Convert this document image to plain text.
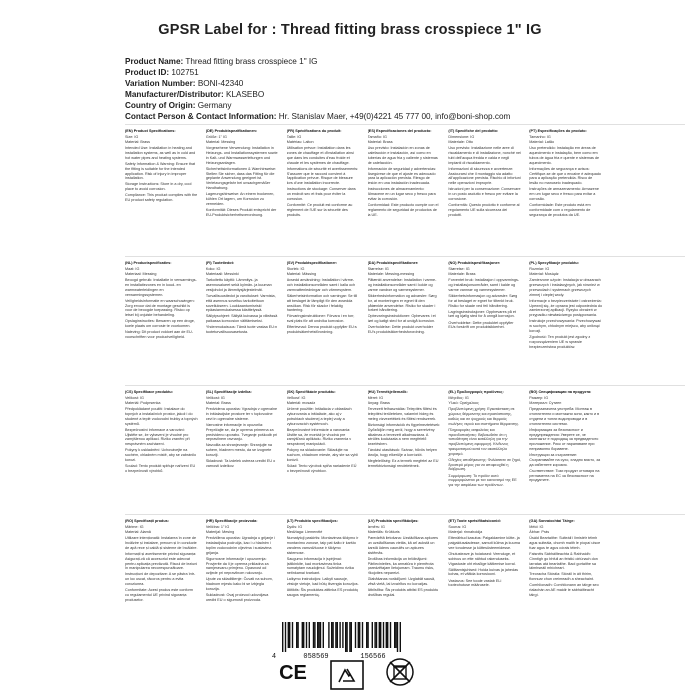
GPSR Label for : Thread fitting brass crosspiece 1" IG
Product Name: Thread fitting brass crosspiece 1" IG
Product ID: 102751
Variation Number: BONI-42340
Manufacturer/Distributor: KLASEBO
Country of Origin: Germany
Contact Person & Contact Information: Hr. Stanislav Maer, +49(0)4221 45 777 00, info@boni-shop.com
(EN) Product Specifications:
Size: IG
Material: Brass
Intended Use: Installation in heating and installation systems, as well as in cold and hot water pipes and heating systems.
Safety Information & Warning: Ensure that the fitting is suitable for the intended application. Risk of injury in improper installation.
Storage Instructions: Store in a dry, cool place to avoid corrosion.
Compliance: This product complies with the EU product safety regulation.
(DE) Produktspezifikationen:
Größe: 1" IG
Material: Messing
Vorgesehene Verwendung: Installation in Heizungs- und Installationssystemen sowie in Kalt- und Warmwasserleitungen und Heizungsanlagen.
Sicherheitsinformationen & Warnhinweise: Stellen Sie sicher, dass das Fitting für die geplante Anwendung geeignet ist. Verletzungsgefahr bei unsachgemäßer Handhabung.
Lagerungshinweise: An einem trockenen, kühlen Ort lagern, um Korrosion zu vermeiden.
Konformität: Dieses Produkt entspricht der EU-Produktsicherheitsverordnung.
(FR) Spécifications du produit:
Taille: IG
Matériau: Laiton
Utilisation prévue: Installation dans les zones de chauffage et d'installation ainsi que dans les conduites d'eau froide et chaude et les systèmes de chauffage.
Informations de sécurité et avertissements: S'assurer que le raccord convient à l'application prévue. Risque de blessure lors d'une installation incorrecte.
Instructions de stockage: Conserver dans un endroit sec et frais pour éviter la corrosion.
Conformité: Ce produit est conforme au règlement de l'UE sur la sécurité des produits.
(ES) Especificaciones del producto:
Tamaño: IG
Material: Brass
Uso previsto: Instalación en zonas de calefacción e instalación, así como en tuberías de agua fría y caliente y sistemas de calefacción.
Información de seguridad y advertencias: Asegúrese de que el ajuste es adecuado para la aplicación prevista. Riesgo de lesión en una instalación inadecuada.
Instrucciones de almacenamiento: Almacene en un lugar seco y fresco para evitar la corrosión.
Conformidad: Este producto cumple con el reglamento de seguridad de productos de la UE.
(IT) Specifiche del prodotto:
Dimensione: IG
Materiale: Otto
Uso previsto: Installazione nelle aree di riscaldamento e di installazione, nonché nei tubi dell'acqua fredda e calda e negli impianti di riscaldamento.
Informazioni di sicurezza e avvertenze: Assicurarsi che il montaggio sia adatto all'applicazione prevista. Rischio di infortuni nelle operazioni improprie.
Istruzioni per la conservazione: Conservare in un posto asciutto e fresco per evitare la corrosione.
Conformità: Questo prodotto è conforme al regolamento UE sulla sicurezza dei prodotti.
(PT) Especificações do produto:
Tamanho: IG
Material: Latão
Uso pretendido: Instalação em áreas de aquecimento e instalação, bem como em tubos de água fria e quente e sistemas de aquecimento.
Informações de segurança e avisos: Certifique-se de que o encaixe é adequado para a aplicação pretendida. Risco de lesão no manuseio inadequado.
Instruções de armazenamento: Armazene em um lugar seco e fresco para evitar a corrosão.
Conformidade: Este produto está em conformidade com o regulamento de segurança de produtos da UE.
(NL) Productspecificaties:
Maat: IG
Materiaal: Messing
Beoogd gebruik: Installatie in verwarmings- en installatiezones en in koud- en warmwaterleidingen en verwarmingssystemen.
Veiligheidsinformatie en waarschuwingen: Zorg ervoor dat de montage geschikt is voor de beoogde toepassing. Risico op letsel bij onjuiste behandeling.
Opslaginstructies: Bewaren op een droge, koele plaats om corrosie te voorkomen.
Naleving: Dit product voldoet aan de EU-voorschriften voor productveiligheid.
(FI) Tuotetiedot:
Koko: IG
Materiaali: Messinki
Tarkoitettu käyttö: Lämmitys- ja asennusalueet sekä kylmän- ja kuuman vesijohdot ja lämmitysjärjestelmät.
Turvallisuustiedot ja varoitukset: Varmista, että asennus soveltuu tarkoitettuun sovellukseen. Loukkaantumisriski epäasianmukaisessa käsittelyssä.
Säilytysohjeet: Säilytä kuivassa ja viileässä paikassa korroosion välttämiseksi.
Yhdenmukaisuus: Tämä tuote vastaa EU:n tuoteturvallisuusasetusta.
(SV) Produktspecifikationer:
Storlek: IG
Material: Mässing
Avsedd användning: Installation i värme- och installationsområden samt i kalla och varmvattenledningar och värmesystem.
Säkerhetsinformation och varningar: Se till att beslaget är lämpligt för den avsedda ansökan. Risk för skador i felaktig hantering.
Förvaringsinstruktioner: Förvara i en torr, sval plats för att undvika korrosion.
Efterlevnad: Denna produkt uppfyller EU:s produktsäkerhetsförordning.
(DA) Produktspecifikationer:
Størrelse: IG
Materiale: Messing-messing
Påtænkt anvendelse: Installation i varme- og installationsområder samt i kolde og varme vandrør og varmesystemer.
Sikkerhedsinformation og advarsler: Sørg for, at monteringen er egnet til den påtænkte anvendelse. Risiko for skader i forkert håndtering.
Opbevaringsinstruktioner: Opbevares i et tørt og køligt sted for at undgå korrosion.
Overholdelse: Dette produkt overholder EU's produktsikkerhedsforordning.
(NO) Produktspesifikasjoner:
Størrelse: IG
Materiale: Brass
Forventet bruk: Installasjon i oppvarmings- og installasjonsområder, samt i kalde og varme vannrør og varmesystemer.
Sikkerhetsinformasjon og advarsler: Sørg for at beslaget er egnet for tiltenkt bruk. Risiko for skade ved feil håndtering.
Lagringsinstruksjoner: Oppbevares på et tørt og kjølig sted for å unngå korrosjon.
Overholdelse: Dette produktet oppfyller EUs forskrift om produktsikkerhet.
(PL) Specyfikacje produktu:
Rozmiar: IG
Materiał: Mosiądz
Zamierzone użycie: Instalacja w obszarach grzewczych i instalacyjnych, jak również w przewodach i systemach grzewczych zimnej i ciepłej wody.
Informacje o bezpieczeństwie i ostrzeżenia: Upewnij się, że oprawa jest odpowiednia do zamierzonej aplikacji. Ryzyko obrażeń w przypadku niewłaściwego postępowania.
Instrukcje przechowywania: Przechowywać w suchym, chłodnym miejscu, aby uniknąć korozji.
Zgodność: Ten produkt jest zgodny z rozporządzeniem UE w sprawie bezpieczeństwa produktów.
(CS) Specifikace produktu:
Velikost: IG
Materiál: Podprsenka
Předpokládané použití: Instalace do topných a instalačních prostor, jakož i do studené a teplé vodovodní trubky a topných systémů.
Bezpečnostní informace a varování: Ujistěte se, že vybavení je vhodné pro zamýšlenou aplikaci. Riziko zranění při nesprávném zacházení.
Pokyny k uskladnění: Uchovávejte na suchém, chladném místě, aby se zabránilo korozi.
Soulad: Tento produkt splňuje nařízení EU o bezpečnosti výrobků.
(SL) Specifikacije izdelka:
Velikost: IG
Material: Brass
Predvidena uporaba: Vgradnja v ogrevalne in inštalacijske prostore ter v toplovodne cevi in ogrevalne sisteme.
Varnostne informacije in opozorila: Prepričajte se, da je oprema primerna za predvideno uporabo. Tveganje poškodb pri nepravilnem ravnanju.
Navodila za shranjevanje: Shranjujte na suhem, hladnem mestu, da se izognete koroziji.
Skladnost: Ta izdelek ustreza uredbi EU o varnosti izdelkov.
(SK) Špecifikácie produktu:
Veľkosť: IG
Materiál: mosadz
Určené použitie: Inštalácia v oblastiach vykurovania a inštalácie, ako aj v potrubiach studenej a teplej vody a vykurovacích systémoch.
Bezpečnostné informácie a varovania: Uistite sa, že montáž je vhodná pre zamýšľanú aplikáciu. Riziko zranenia v nesprávnej manipulácii.
Pokyny na skladovanie: Skladujte na suchom, chladnom mieste, aby ste sa vyhli korózii.
Súlad: Tento výrobok spĺňa nariadenie EÚ o bezpečnosti výrobkov.
(HU) Termékjellemzők:
Méret: IG
Anyag: Brass
Tervezett felhasználás: Telepítés fűtési és telepítési területeken, valamint hideg és meleg vízvezetékek és fűtési rendszerek.
Biztonsági információk és figyelmeztetések: Győződjön meg arról, hogy a szerelvény alkalmas a tervezett alkalmazásra. A sérülés kockázata a nem megfelelő kezelésben.
Tárolási utasítások: Száraz, hűvös helyen tárolja, hogy elkerülje a korróziót.
Megfelelőség: Ez a termék megfelel az EU termékbiztonsági rendeletének.
(EL) Προδιαγραφές προϊόντος:
Μέγεθος: IG
Υλικό: Ορείχαλκος
Προβλεπόμενη χρήση: Εγκατάσταση σε χώρους θέρμανσης και εγκατάστασης, καθώς και σε ψυχρούς και θερμούς σωλήνες νερού και συστήματα θέρμανσης.
Πληροφορίες ασφαλείας και προειδοποιήσεις: Βεβαιωθείτε ότι η τοποθέτηση είναι κατάλληλη για την προβλεπόμενη εφαρμογή. Κίνδυνος τραυματισμού κατά τον ακατάλληλο χειρισμό.
Οδηγίες αποθήκευσης: Φυλάσσετε σε ξηρό, δροσερό μέρος για να αποφευχθεί η διάβρωση.
Συμμόρφωση: Το προϊόν αυτό συμμορφώνεται με τον κανονισμό της ΕΕ για την ασφάλεια των προϊόντων.
(BG) Спецификации на продукта:
Размер: IG
Материал: Сутиен
Предназначена употреба: Монтаж в отоплителни и монтажни зони, както и в студени и топли водопроводи и в отоплителни системи.
Информация за безопасност и предупреждения: Уверете се, че монтажът е подходящ за предвиденото приложение. Риск от нараняване при неправилно боравене.
Инструкции за съхранение: Съхранявайте на сухо, хладно място, за да избегнете корозия.
Съответствие: Този продукт отговаря на регламента на ЕС за безопасност на продуктите.
(RO) Specificații produs:
Mărime: IG
Material: Alamă
Utilizare intenționată: Instalarea în zone de încălzire și instalare, precum și în conducte de apă rece și caldă și sisteme de încălzire.
Informații și avertismente privind siguranța: Asigurați-vă că accesoriul este adecvat pentru aplicația prevăzută. Riscul de leziuni în manipularea necorespunzătoare.
Instrucțiuni de depozitare: A se păstra într-un loc uscat, răcoros pentru a evita coroziunea.
Conformitate: Acest produs este conform cu regulamentul UE privind siguranța produselor.
(HR) Specifikacije proizvoda:
Veličina: 1" IG
Materijal: Mesing
Predviđena uporaba: Ugradnja u grijanje i instalacijska područja, kao i u hladnim i toplim vodovodnim cijevima i sustavima grijanja.
Sigurnosne informacije i upozorenja: Provjerite da li je oprema prikladna za namjeravanu primjenu. Opasnost od ozljede pri nepravilnom rukovanju.
Upute za skladištenje: Čuvati na suhom, hladnom mjestu kako bi se izbjegla korozija.
Sukladnost: Ovaj proizvod udovoljava uredbi EU o sigurnosti proizvoda.
(LT) Produkto specifikacijos:
Dydis: IG
Medžiaga: Liemenėlė
Numatytoji paskirtis: Montavimas šildymo ir montavimo zonose, taip pat šalto ir karšto vandens vamzdžiuose ir šildymo sistemose.
Saugumo informacija ir įspėjimai: Įsitikinkite, kad montavimas tinka numatytam naudojimui. Sužeidimo rizika netinkamai tvarkant.
Laikymo instrukcijos: Laikyti sausoje, vėsioje vietoje, kad būtų išvengta korozijos.
Atitiktis: Šis produktas atitinka ES produktų saugos reglamentą.
(LV) Produkta specifikācijas:
Izmērs: IG
Materiāls: Krūšturis
Paredzētā lietošana: Uzstādīšana apkures un uzstādīšanas vietās, kā arī aukstā un karstā ūdens caurulēs un apkures sistēmās.
Drošības informācija un brīdinājumi: Pārliecinieties, ka armatūra ir piemērota paredzētajam lietojumam. Traumu risks, rīkojoties nepareizi.
Glabāšanas norādījumi: Uzglabāt sausā, vēsā vietā, lai izvairītos no korozijas.
Atbilstība: Šis produkts atbilst ES produktu drošības regulai.
(ET) Toote spetsifikatsioonid:
Suurus: IG
Materjal: rinnahoidja
Ettenähtud kasutus: Paigaldamine kütte- ja paigaldusaladesse, samuti külma ja kuuma vee torudesse ja küttesüsteemidesse.
Ohutusteave ja hoiatused: Veenduge, et sobivus on ette nähtud rakenduseks. Vigastuste oht ebaõige käitlemise korral.
Säilitamisjuhised: Hoida kuivas ja jahedas kohas, et vältida korrosiooni.
Vastavus: See toode vastab ELi tooteohutuse määrusele.
(GA) Sonraíochtaí Táirge:
Méid: IG
Ábhar: Prás
Úsáid Beartaithe: Suiteáil i limistéir téimh agus suiteála, chomh maith le píopaí uisce fuar agus te agus córais téimh.
Faisnéis Sábháilteachta & Rabhaidh: Cinntigh go bhfuil an feistiú oiriúnach don iarratas atá beartaithe. Baol gortaithe sa láimhseáil mhícheart.
Treoracha Stórála: Stóráil in áit thirim, fionnuar chun creimeadh a sheachaint.
Comhlíonadh: Comhlíonann an táirge seo rialachán an AE maidir le sábháilteacht táirgí.
4	058569	156566
CE
